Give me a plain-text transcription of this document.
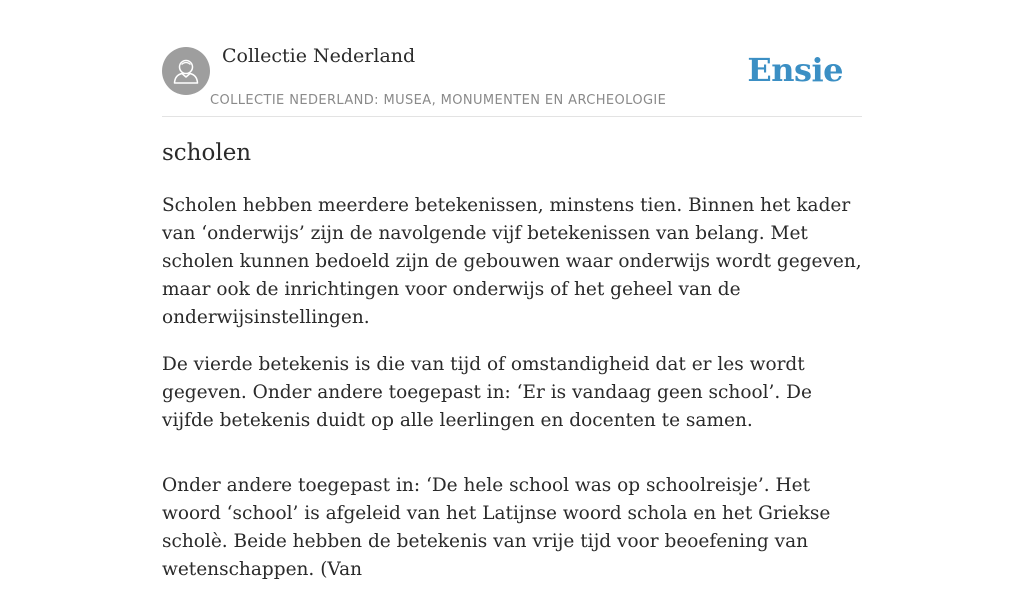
Collectie Nederland
COLLECTIE NEDERLAND: MUSEA, MONUMENTEN EN ARCHEOLOGIE
Ensie
scholen

Scholen hebben meerdere betekenissen, minstens tien. Binnen het kader van ‘onderwijs’ zijn de navolgende vijf betekenissen van belang. Met scholen kunnen bedoeld zijn de gebouwen waar onderwijs wordt gegeven, maar ook de inrichtingen voor onderwijs of het geheel van de onderwijsinstellingen.

De vierde betekenis is die van tijd of omstandigheid dat er les wordt gegeven. Onder andere toegepast in: ‘Er is vandaag geen school’. De vijfde betekenis duidt op alle leerlingen en docenten te samen.

Onder andere toegepast in: ‘De hele school was op schoolreisje’. Het woord ‘school’ is afgeleid van het Latijnse woord schola en het Griekse scholè. Beide hebben de betekenis van vrije tijd voor beoefening van wetenschappen. (Van
